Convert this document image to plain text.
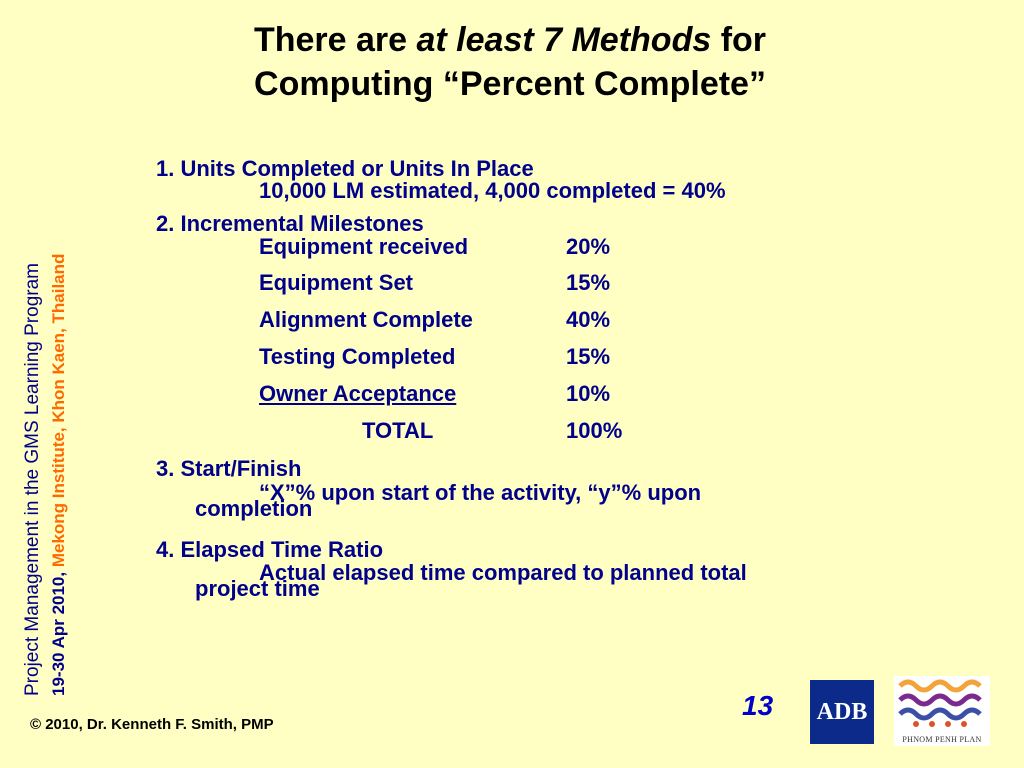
There are at least 7 Methods for
Computing “Percent Complete”
Project Management in the GMS Learning Program 19-30 Apr 2010, Mekong Institute, Khon Kaen, Thailand
1. Units Completed or Units In Place
10,000 LM estimated, 4,000 completed = 40%
2. Incremental Milestones
Equipment received	20%
Equipment Set	15%
Alignment Complete	40%
Testing Completed	15%
Owner Acceptance	10%
TOTAL	100%
3. Start/Finish
“X”% upon start of the activity, “y”% upon
completion
4. Elapsed Time Ratio
Actual elapsed time compared to planned total
project time
13 ADB
PHNOM PENH PLAN
© 2010, Dr. Kenneth F. Smith, PMP
